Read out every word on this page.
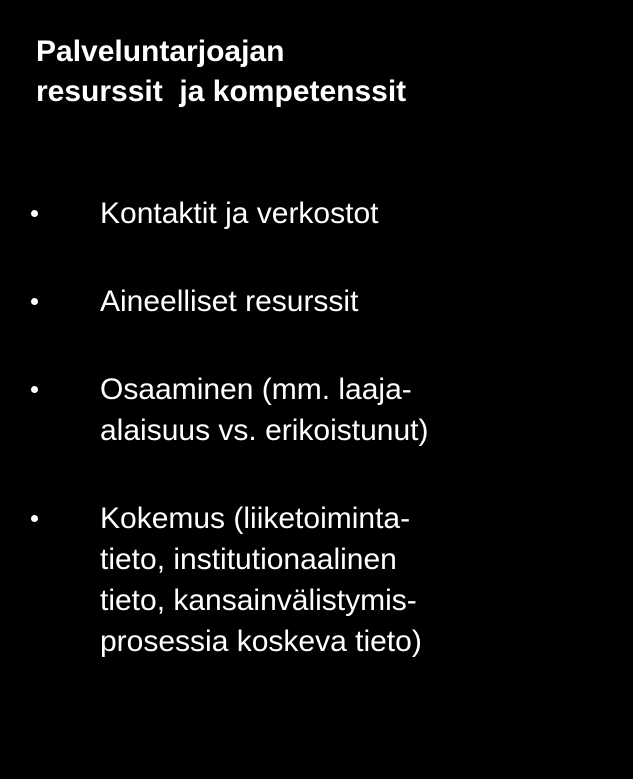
Palveluntarjoajan
resurssit  ja kompetenssit
Kontaktit ja verkostot
Aineelliset resurssit
Osaaminen (mm. laaja-
alaisuus vs. erikoistunut)
Kokemus (liiketoiminta-
tieto, institutionaalinen
tieto, kansainvälistymis-
prosessia koskeva tieto)
